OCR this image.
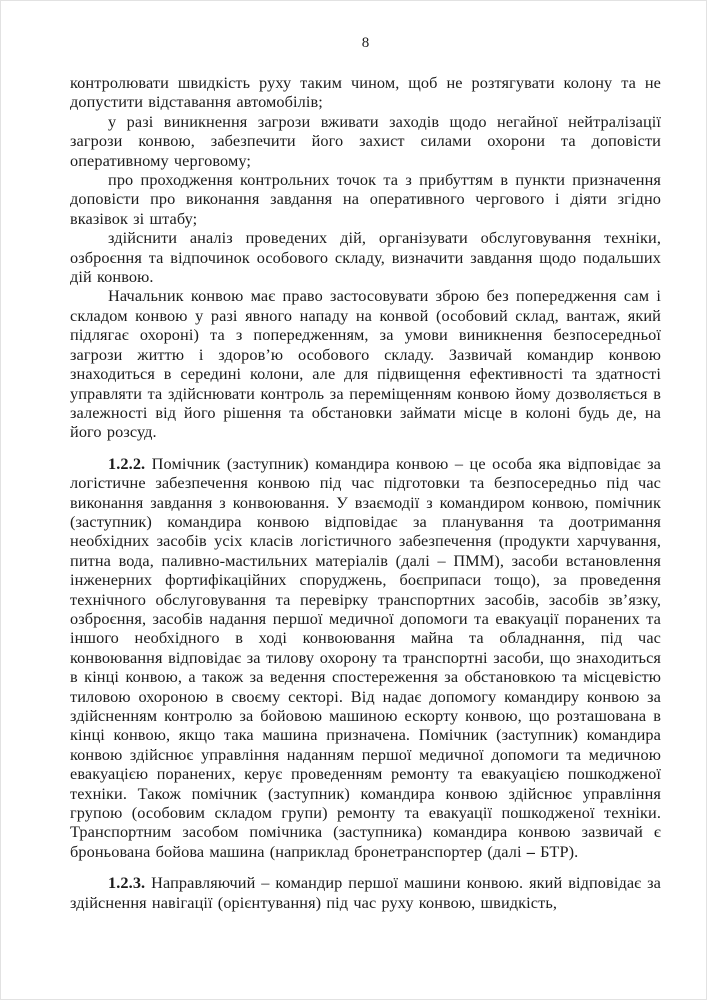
8

контролювати швидкість руху таким чином, щоб не розтягувати колону та не допустити відставання автомобілів;

у разі виникнення загрози вживати заходів щодо негайної нейтралізації загрози конвою, забезпечити його захист силами охорони та доповісти оперативному черговому;

про проходження контрольних точок та з прибуттям в пункти призначення доповісти про виконання завдання на оперативного чергового і діяти згідно вказівок зі штабу;

здійснити аналіз проведених дій, організувати обслуговування техніки, озброєння та відпочинок особового складу, визначити завдання щодо подальших дій конвою.

Начальник конвою має право застосовувати зброю без попередження сам і складом конвою у разі явного нападу на конвой (особовий склад, вантаж, який підлягає охороні) та з попередженням, за умови виникнення безпосередньої загрози життю і здоров’ю особового складу. Зазвичай командир конвою знаходиться в середині колони, але для підвищення ефективності та здатності управляти та здійснювати контроль за переміщенням конвою йому дозволяється в залежності від його рішення та обстановки займати місце в колоні будь де, на його розсуд.

1.2.2. Помічник (заступник) командира конвою – це особа яка відповідає за логістичне забезпечення конвою під час підготовки та безпосередньо під час виконання завдання з конвоювання. У взаємодії з командиром конвою, помічник (заступник) командира конвою відповідає за планування та доотримання необхідних засобів усіх класів логістичного забезпечення (продукти харчування, питна вода, паливно-мастильних матеріалів (далі – ПММ), засоби встановлення інженерних фортифікаційних споруджень, боєприпаси тощо), за проведення технічного обслуговування та перевірку транспортних засобів, засобів зв’язку, озброєння, засобів надання першої медичної допомоги та евакуації поранених та іншого необхідного в ході конвоювання майна та обладнання, під час конвоювання відповідає за тилову охорону та транспортні засоби, що знаходиться в кінці конвою, а також за ведення спостереження за обстановкою та місцевістю тиловою охороною в своєму секторі. Від надає допомогу командиру конвою за здійсненням контролю за бойовою машиною ескорту конвою, що розташована в кінці конвою, якщо така машина призначена. Помічник (заступник) командира конвою здійснює управління наданням першої медичної допомоги та медичною евакуацією поранених, керує проведенням ремонту та евакуацією пошкодженої техніки. Також помічник (заступник) командира конвою здійснює управління групою (особовим складом групи) ремонту та евакуації пошкодженої техніки. Транспортним засобом помічника (заступника) командира конвою зазвичай є броньована бойова машина (наприклад бронетранспортер (далі – БТР).

1.2.3. Направляючий – командир першої машини конвою. який відповідає за здійснення навігації (орієнтування) під час руху конвою, швидкість,
